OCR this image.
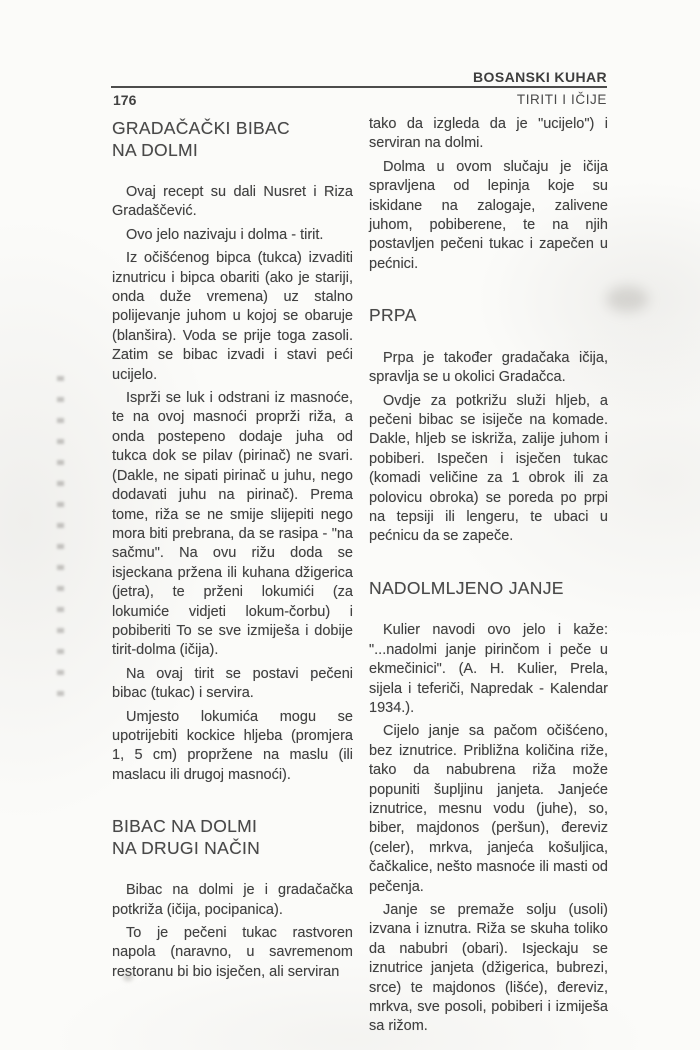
BOSANSKI KUHAR
176	TIRITI I IČIJE
GRADAČAČKI BIBAC
NA DOLMI

Ovaj recept su dali Nusret i Riza Gradaščević.

Ovo jelo nazivaju i dolma - tirit.

Iz očišćenog bipca (tukca) izvaditi iznutricu i bipca obariti (ako je stariji, onda duže vremena) uz stalno polijevanje juhom u kojoj se obaruje (blanšira). Voda se prije toga zasoli. Zatim se bibac izvadi i stavi peći ucijelo.

Isprži se luk i odstrani iz masnoće, te na ovoj masnoći proprži riža, a onda postepeno dodaje juha od tukca dok se pilav (pirinač) ne svari. (Dakle, ne sipati pirinač u juhu, nego dodavati juhu na pirinač). Prema tome, riža se ne smije slijepiti nego mora biti prebrana, da se rasipa - "na sačmu". Na ovu rižu doda se isjeckana pržena ili kuhana džigerica (jetra), te prženi lokumići (za lokumiće vidjeti lokum-čorbu) i pobiberiti To se sve izmiješa i dobije tirit-dolma (ičija).

Na ovaj tirit se postavi pečeni bibac (tukac) i servira.

Umjesto lokumića mogu se upotrijebiti kockice hljeba (promjera 1, 5 cm) propržene na maslu (ili maslacu ili drugoj masnoći).

BIBAC NA DOLMI
NA DRUGI NAČIN

Bibac na dolmi je i gradačačka potkriža (ičija, pocipanica).

To je pečeni tukac rastvoren napola (naravno, u savremenom restoranu bi bio isječen, ali serviran

tako da izgleda da je "ucijelo") i serviran na dolmi.

Dolma u ovom slučaju je ičija spravljena od lepinja koje su iskidane na zalogaje, zalivene juhom, pobiberene, te na njih postavljen pečeni tukac i zapečen u pećnici.

PRPA

Prpa je također gradačaka ičija, spravlja se u okolici Gradačca.

Ovdje za potkrižu služi hljeb, a pečeni bibac se isiječe na komade. Dakle, hljeb se iskriža, zalije juhom i pobiberi. Ispečen i isječen tukac (komadi veličine za 1 obrok ili za polovicu obroka) se poreda po prpi na tepsiji ili lengeru, te ubaci u pećnicu da se zapeče.

NADOLMLJENO JANJE

Kulier navodi ovo jelo i kaže: "...nadolmi janje pirinčom i peče u ekmečinici". (A. H. Kulier, Prela, sijela i teferiči, Napredak - Kalendar 1934.).

Cijelo janje sa pačom očišćeno, bez iznutrice. Približna količina riže, tako da nabubrena riža može popuniti šupljinu janjeta. Janjeće iznutrice, mesnu vodu (juhe), so, biber, majdonos (peršun), đereviz (celer), mrkva, janjeća košuljica, čačkalice, nešto masnoće ili masti od pečenja.

Janje se premaže solju (usoli) izvana i iznutra. Riža se skuha toliko da nabubri (obari). Isjeckaju se iznutrice janjeta (džigerica, bubrezi, srce) te majdonos (lišće), đereviz, mrkva, sve posoli, pobiberi i izmiješa sa rižom.
